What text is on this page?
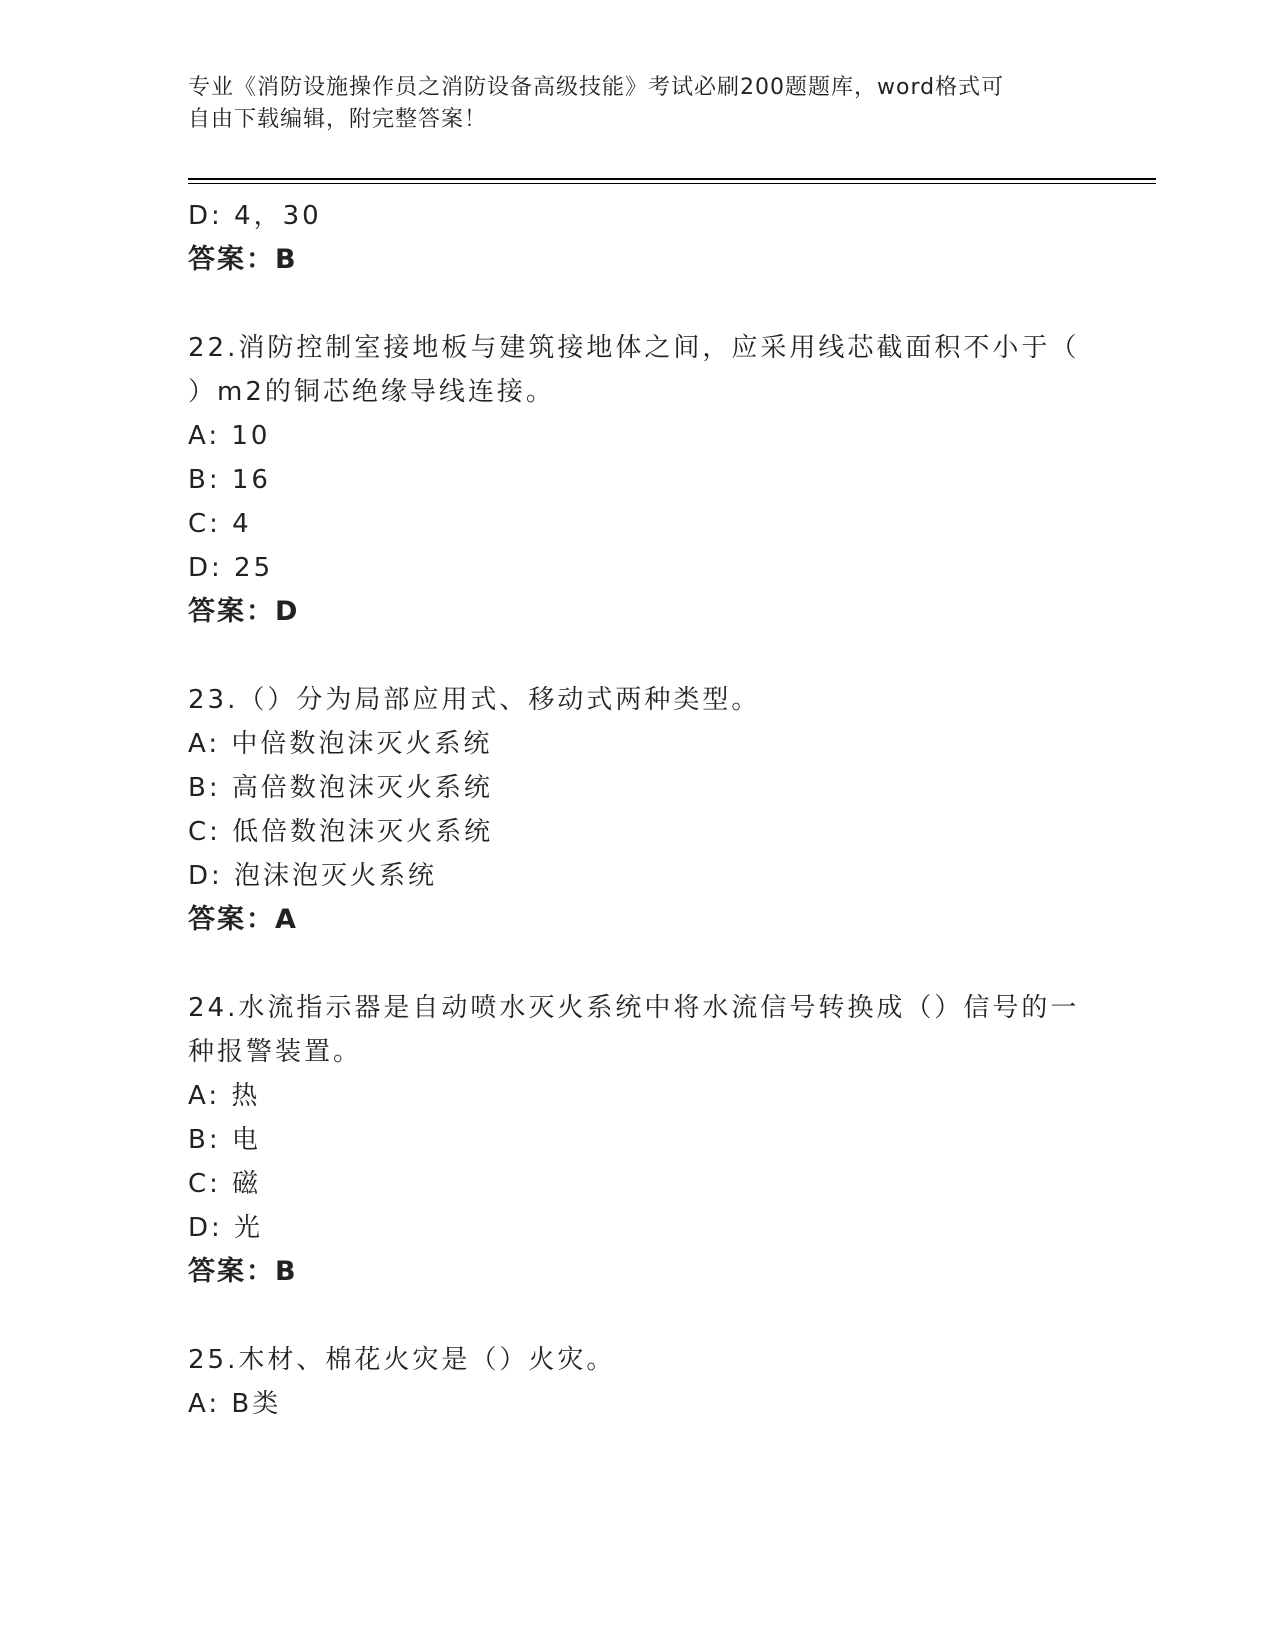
专业《消防设施操作员之消防设备高级技能》考试必刷200题题库，word格式可
自由下载编辑，附完整答案！
D: 4，30
答案：B
22.消防控制室接地板与建筑接地体之间，应采用线芯截面积不小于（
）m2的铜芯绝缘导线连接。
A: 10
B: 16
C: 4
D: 25
答案：D
23.（）分为局部应用式、移动式两种类型。
A: 中倍数泡沫灭火系统
B: 高倍数泡沫灭火系统
C: 低倍数泡沫灭火系统
D: 泡沫泡灭火系统
答案：A
24.水流指示器是自动喷水灭火系统中将水流信号转换成（）信号的一
种报警装置。
A: 热
B: 电
C: 磁
D: 光
答案：B
25.木材、棉花火灾是（）火灾。
A: B类
